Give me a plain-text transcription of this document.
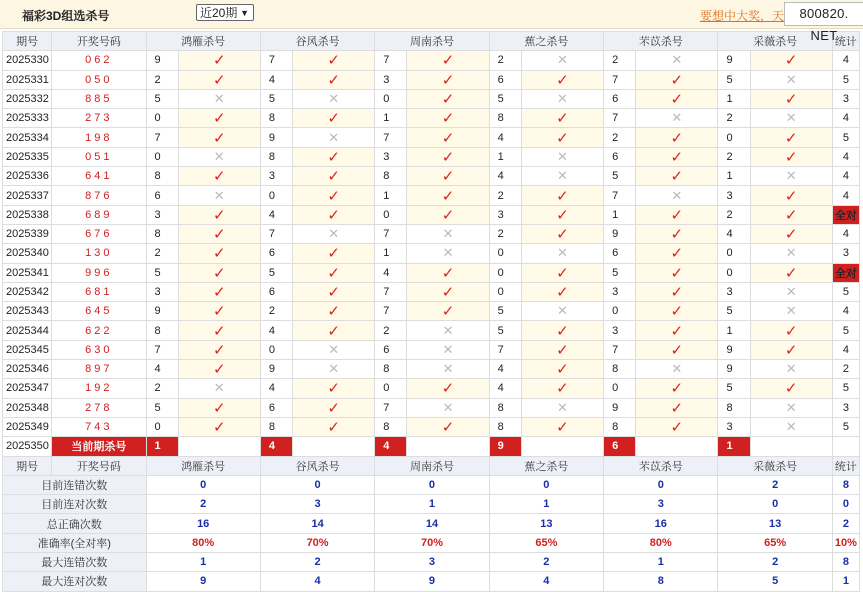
福彩3D组选杀号	近20期 ▼	要想中大奖，天	800820. NET
期号	开奖号码	鸿雁杀号		谷风杀号		周南杀号		蕉之杀号		芣苡杀号		采薇杀号		统计
2025330	062	9	✓	7	✓	7	✓	2	✕	2	✕	9	✓	4
2025331	050	2	✓	4	✓	3	✓	6	✓	7	✓	5	✕	5
2025332	885	5	✕	5	✕	0	✓	5	✕	6	✓	1	✓	3
2025333	273	0	✓	8	✓	1	✓	8	✓	7	✕	2	✕	4
2025334	198	7	✓	9	✕	7	✓	4	✓	2	✓	0	✓	5
2025335	051	0	✕	8	✓	3	✓	1	✕	6	✓	2	✓	4
2025336	641	8	✓	3	✓	8	✓	4	✕	5	✓	1	✕	4
2025337	876	6	✕	0	✓	1	✓	2	✓	7	✕	3	✓	4
2025338	689	3	✓	4	✓	0	✓	3	✓	1	✓	2	✓	全对
2025339	676	8	✓	7	✕	7	✕	2	✓	9	✓	4	✓	4
2025340	130	2	✓	6	✓	1	✕	0	✕	6	✓	0	✕	3
2025341	996	5	✓	5	✓	4	✓	0	✓	5	✓	0	✓	全对
2025342	681	3	✓	6	✓	7	✓	0	✓	3	✓	3	✕	5
2025343	645	9	✓	2	✓	7	✓	5	✕	0	✓	5	✕	4
2025344	622	8	✓	4	✓	2	✕	5	✓	3	✓	1	✓	5
2025345	630	7	✓	0	✕	6	✕	7	✓	7	✓	9	✓	4
2025346	897	4	✓	9	✕	8	✕	4	✓	8	✕	9	✕	2
2025347	192	2	✕	4	✓	0	✓	4	✓	0	✓	5	✓	5
2025348	278	5	✓	6	✓	7	✕	8	✕	9	✓	8	✕	3
2025349	743	0	✓	8	✓	8	✓	8	✓	8	✓	3	✕	5
2025350	当前期杀号	1		4		4		9		6		1		
期号	开奖号码	鸿雁杀号		谷风杀号		周南杀号		蕉之杀号		芣苡杀号		采薇杀号		统计
目前连错次数		0		0		0		0		0		2		8
目前连对次数		2		3		1		1		3		0		0
总正确次数		16		14		14		13		16		13		2
准确率(全对率)		80%		70%		70%		65%		80%		65%		10%
最大连错次数		1		2		3		2		1		2		8
最大连对次数		9		4		9		4		8		5		1
